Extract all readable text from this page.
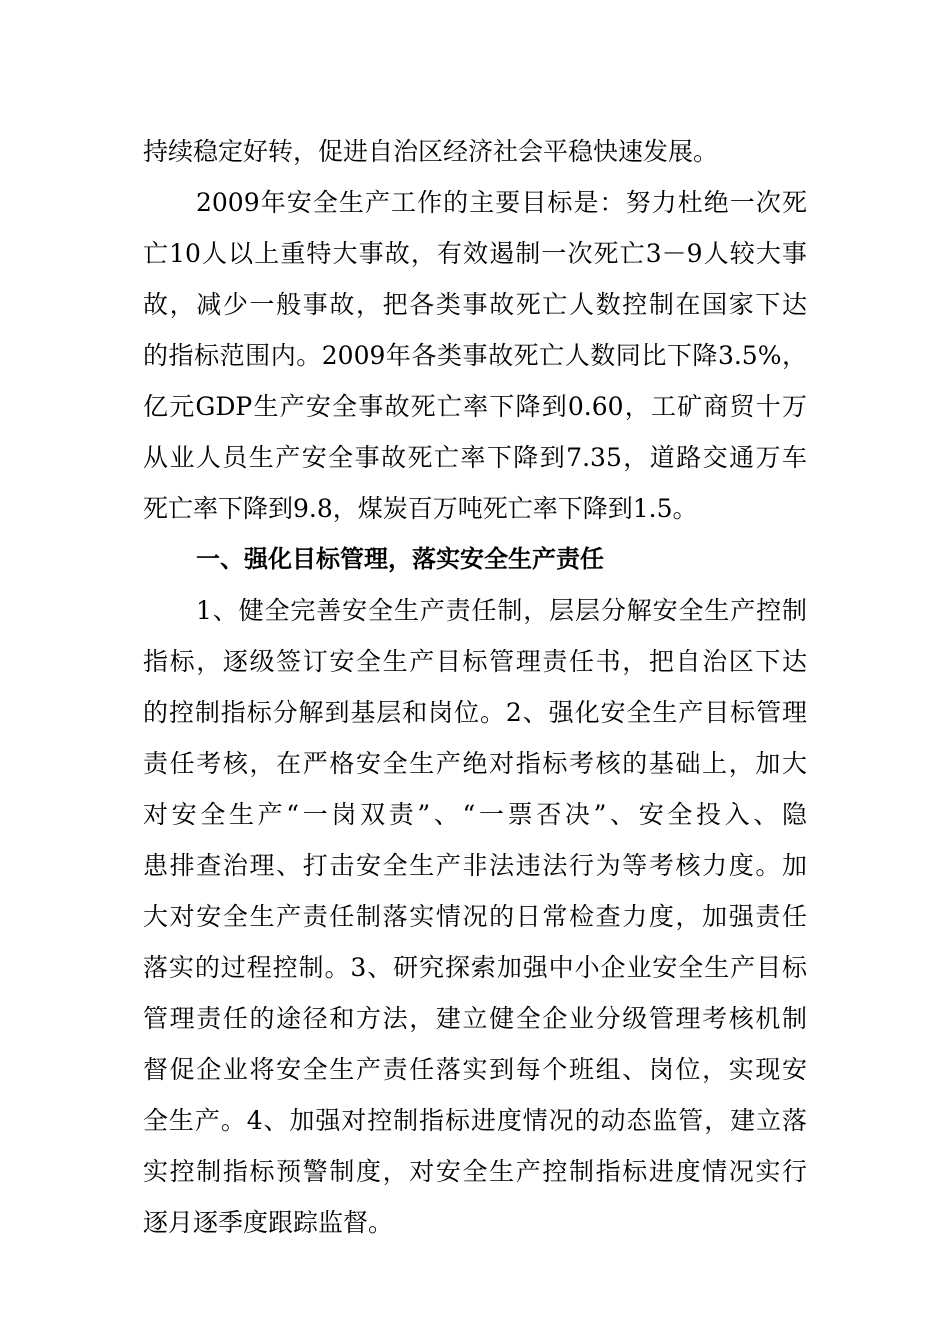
持续稳定好转，促进自治区经济社会平稳快速发展。
2009年安全生产工作的主要目标是：努力杜绝一次死
亡10人以上重特大事故，有效遏制一次死亡3－9人较大事
故，减少一般事故，把各类事故死亡人数控制在国家下达
的指标范围内。2009年各类事故死亡人数同比下降3.5%，
亿元GDP生产安全事故死亡率下降到0.60，工矿商贸十万
从业人员生产安全事故死亡率下降到7.35，道路交通万车
死亡率下降到9.8，煤炭百万吨死亡率下降到1.5。
一、强化目标管理，落实安全生产责任
1、健全完善安全生产责任制，层层分解安全生产控制
指标，逐级签订安全生产目标管理责任书，把自治区下达
的控制指标分解到基层和岗位。2、强化安全生产目标管理
责任考核，在严格安全生产绝对指标考核的基础上，加大
对安全生产“一岗双责”、“一票否决”、安全投入、隐
患排查治理、打击安全生产非法违法行为等考核力度。加
大对安全生产责任制落实情况的日常检查力度，加强责任
落实的过程控制。3、研究探索加强中小企业安全生产目标
管理责任的途径和方法，建立健全企业分级管理考核机制
督促企业将安全生产责任落实到每个班组、岗位，实现安
全生产。4、加强对控制指标进度情况的动态监管，建立落
实控制指标预警制度，对安全生产控制指标进度情况实行
逐月逐季度跟踪监督。
